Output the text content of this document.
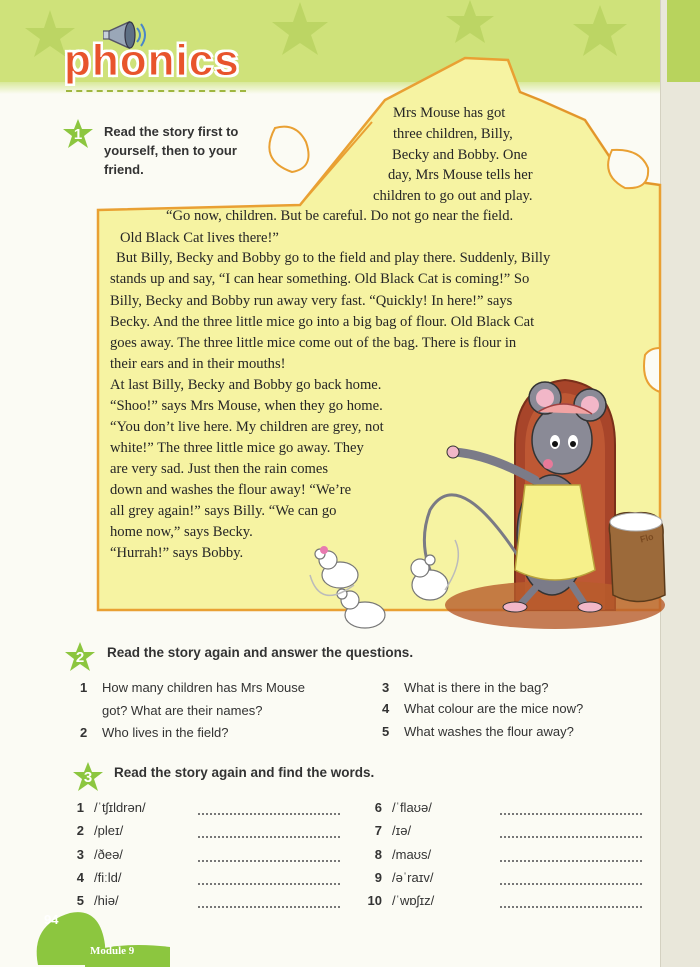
phonics
1	Read the story first to yourself, then to your friend.
Mrs Mouse has got
three children, Billy,
Becky and Bobby. One
day, Mrs Mouse tells her
children to go out and play.
“Go now, children. But be careful. Do not go near the field.
Old Black Cat lives there!”
But Billy, Becky and Bobby go to the field and play there. Suddenly, Billy
stands up and say, “I can hear something. Old Black Cat is coming!” So
Billy, Becky and Bobby run away very fast. “Quickly! In here!” says
Becky. And the three little mice go into a big bag of flour. Old Black Cat
goes away. The three little mice come out of the bag. There is flour in
their ears and in their mouths!
At last Billy, Becky and Bobby go back home.
“Shoo!” says Mrs Mouse, when they go home.
“You don’t live here. My children are grey, not
white!” The three little mice go away. They
are very sad. Just then the rain comes
down and washes the flour away! “We’re
all grey again!” says Billy. “We can go
home now,” says Becky.
“Hurrah!” says Bobby.
Flo
2	Read the story again and answer the questions.
1 How many children has Mrs Mouse
got? What are their names?
2 Who lives in the field?
3 What is there in the bag?
4 What colour are the mice now?
5 What washes the flour away?
3	Read the story again and find the words.
1 /ˈtʃɪldrən/
2 /pleɪ/
3 /ðeə/
4 /fiːld/
5 /hiə/
6 /ˈflaʊə/
7 /ɪə/
8 /maʊs/
9 /əˈraɪv/
10 /ˈwɒʃɪz/
94
Module 9
